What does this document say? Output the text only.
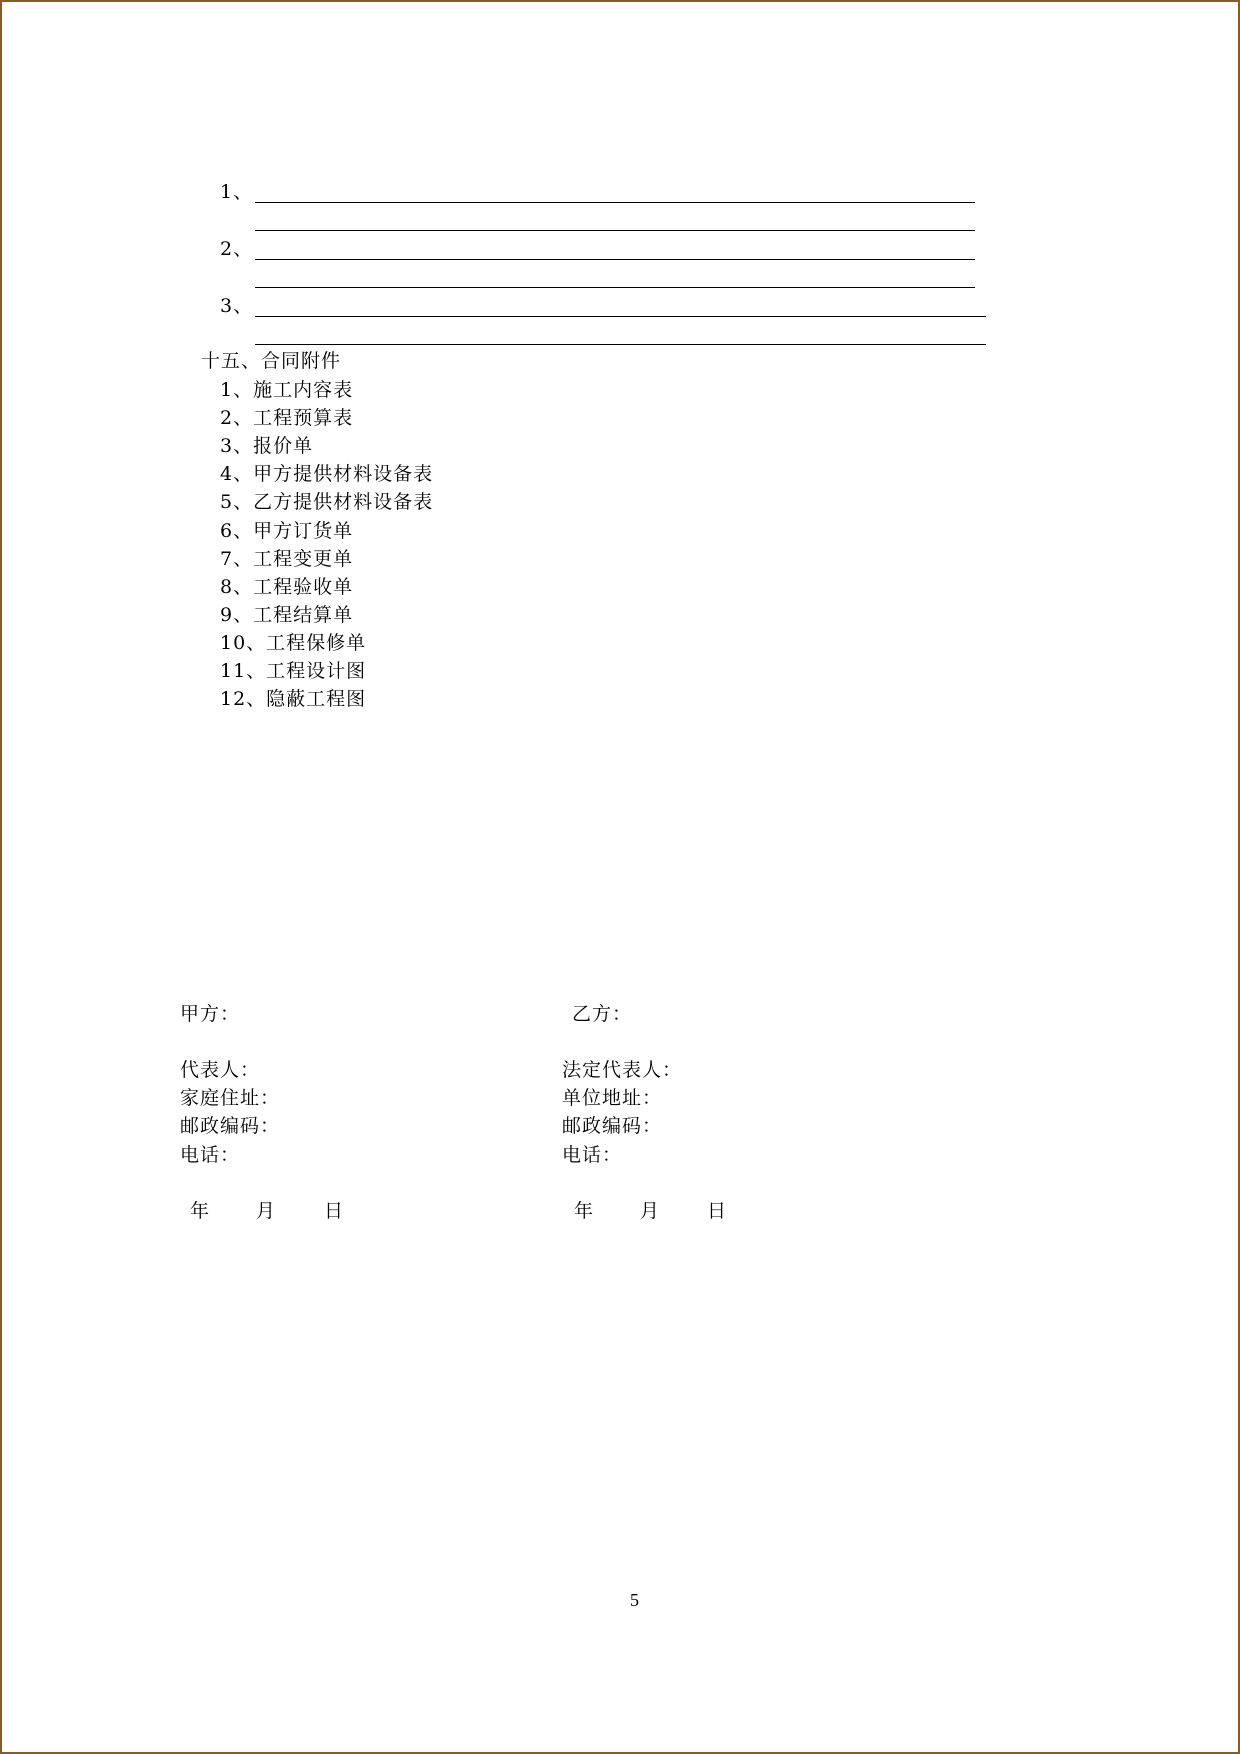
1、
2、
3、
十五、合同附件
1、施工内容表
2、工程预算表
3、报价单
4、甲方提供材料设备表
5、乙方提供材料设备表
6、甲方订货单
7、工程变更单
8、工程验收单
9、工程结算单
10、工程保修单
11、工程设计图
12、隐蔽工程图
甲方：
代表人：
家庭住址：
邮政编码：
电话：
年 月	日
乙方：
法定代表人：
单位地址：
邮政编码：
电话：
年 月 日
5
